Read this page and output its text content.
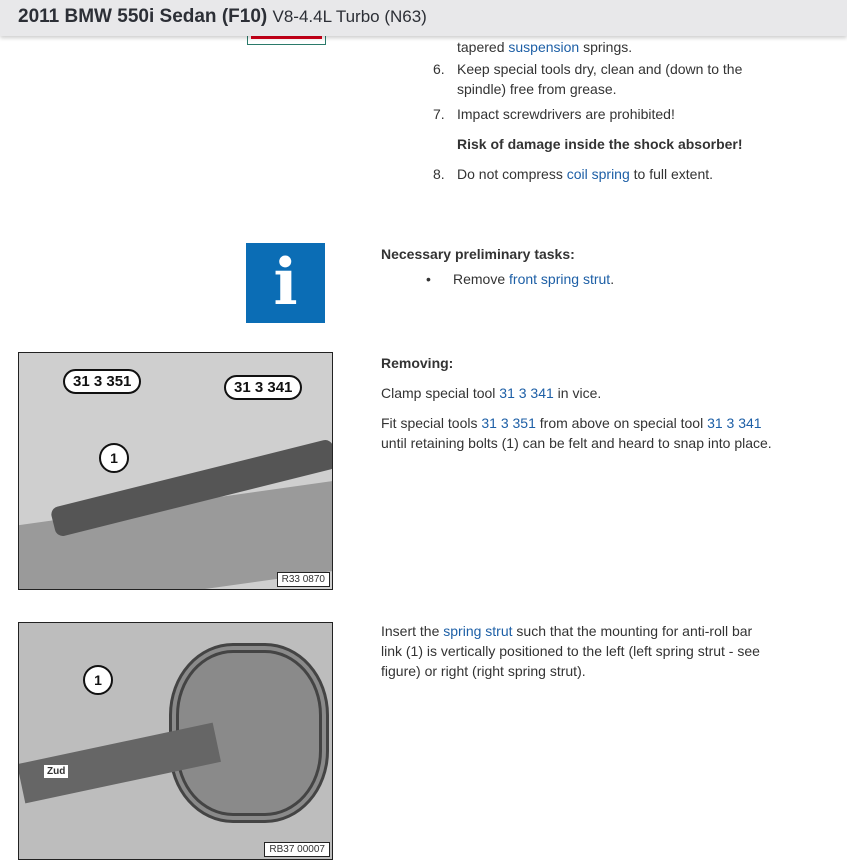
2011 BMW 550i Sedan (F10) V8-4.4L Turbo (N63)
tapered suspension springs.
6. Keep special tools dry, clean and (down to the spindle) free from grease.
7. Impact screwdrivers are prohibited!
Risk of damage inside the shock absorber!
8. Do not compress coil spring to full extent.
i	Necessary preliminary tasks:
• Remove front spring strut.
31 3 351	31 3 341
1
R33 0870
Removing:
Clamp special tool 31 3 341 in vice.
Fit special tools 31 3 351 from above on special tool 31 3 341 until retaining bolts (1) can be felt and heard to snap into place.
1
Zud
RB37 00007
Insert the spring strut such that the mounting for anti-roll bar link (1) is vertically positioned to the left (left spring strut - see figure) or right (right spring strut).
